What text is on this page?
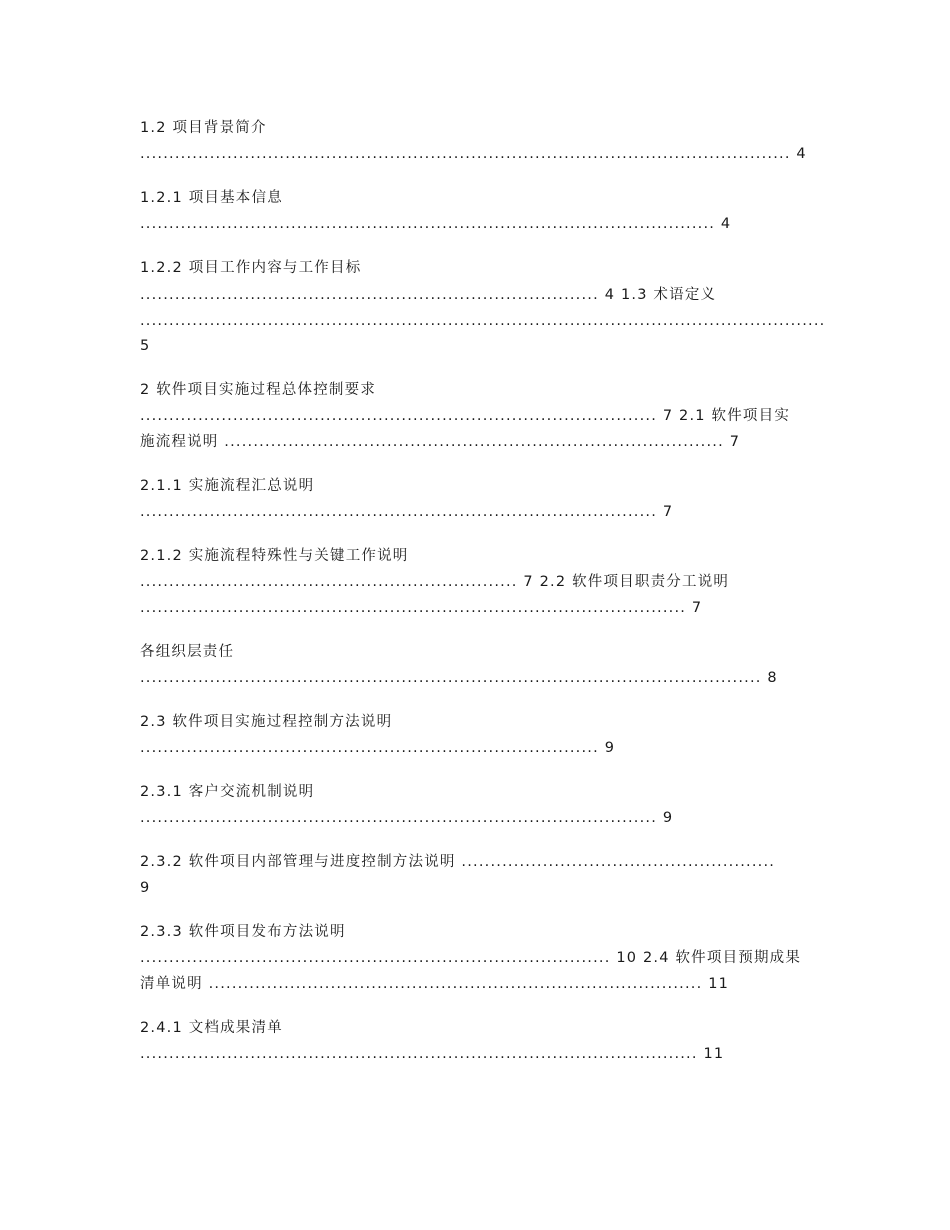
1.2 项目背景简介
................................................................................................................ 4
1.2.1 项目基本信息
................................................................................................... 4
1.2.2 项目工作内容与工作目标
............................................................................... 4 1.3 术语定义
......................................................................................................................
5
2 软件项目实施过程总体控制要求
......................................................................................... 7 2.1 软件项目实
施流程说明 ...................................................................................... 7
2.1.1 实施流程汇总说明
......................................................................................... 7
2.1.2 实施流程特殊性与关键工作说明
................................................................. 7 2.2 软件项目职责分工说明
.............................................................................................. 7
各组织层责任
........................................................................................................... 8
2.3 软件项目实施过程控制方法说明
............................................................................... 9
2.3.1 客户交流机制说明
......................................................................................... 9
2.3.2 软件项目内部管理与进度控制方法说明 ......................................................
9
2.3.3 软件项目发布方法说明
................................................................................. 10 2.4 软件项目预期成果
清单说明 ..................................................................................... 11
2.4.1 文档成果清单
................................................................................................ 11
